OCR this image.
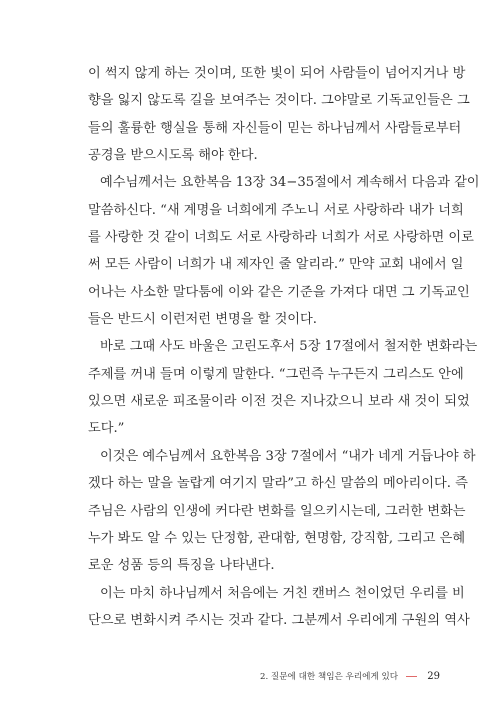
이 썩지 않게 하는 것이며, 또한 빛이 되어 사람들이 넘어지거나 방
향을 잃지 않도록 길을 보여주는 것이다. 그야말로 기독교인들은 그
들의 훌륭한 행실을 통해 자신들이 믿는 하나님께서 사람들로부터
공경을 받으시도록 해야 한다.
예수님께서는 요한복음 13장 34−35절에서 계속해서 다음과 같이
말씀하신다. “새 계명을 너희에게 주노니 서로 사랑하라 내가 너희
를 사랑한 것 같이 너희도 서로 사랑하라 너희가 서로 사랑하면 이로
써 모든 사람이 너희가 내 제자인 줄 알리라.” 만약 교회 내에서 일
어나는 사소한 말다툼에 이와 같은 기준을 가져다 대면 그 기독교인
들은 반드시 이런저런 변명을 할 것이다.
바로 그때 사도 바울은 고린도후서 5장 17절에서 철저한 변화라는
주제를 꺼내 들며 이렇게 말한다. “그런즉 누구든지 그리스도 안에
있으면 새로운 피조물이라 이전 것은 지나갔으니 보라 새 것이 되었
도다.”
이것은 예수님께서 요한복음 3장 7절에서 “내가 네게 거듭나야 하
겠다 하는 말을 놀랍게 여기지 말라”고 하신 말씀의 메아리이다. 즉
주님은 사람의 인생에 커다란 변화를 일으키시는데, 그러한 변화는
누가 봐도 알 수 있는 단정함, 관대함, 현명함, 강직함, 그리고 은혜
로운 성품 등의 특징을 나타낸다.
이는 마치 하나님께서 처음에는 거친 캔버스 천이었던 우리를 비
단으로 변화시켜 주시는 것과 같다. 그분께서 우리에게 구원의 역사
2. 질문에 대한 책임은 우리에게 있다	29
